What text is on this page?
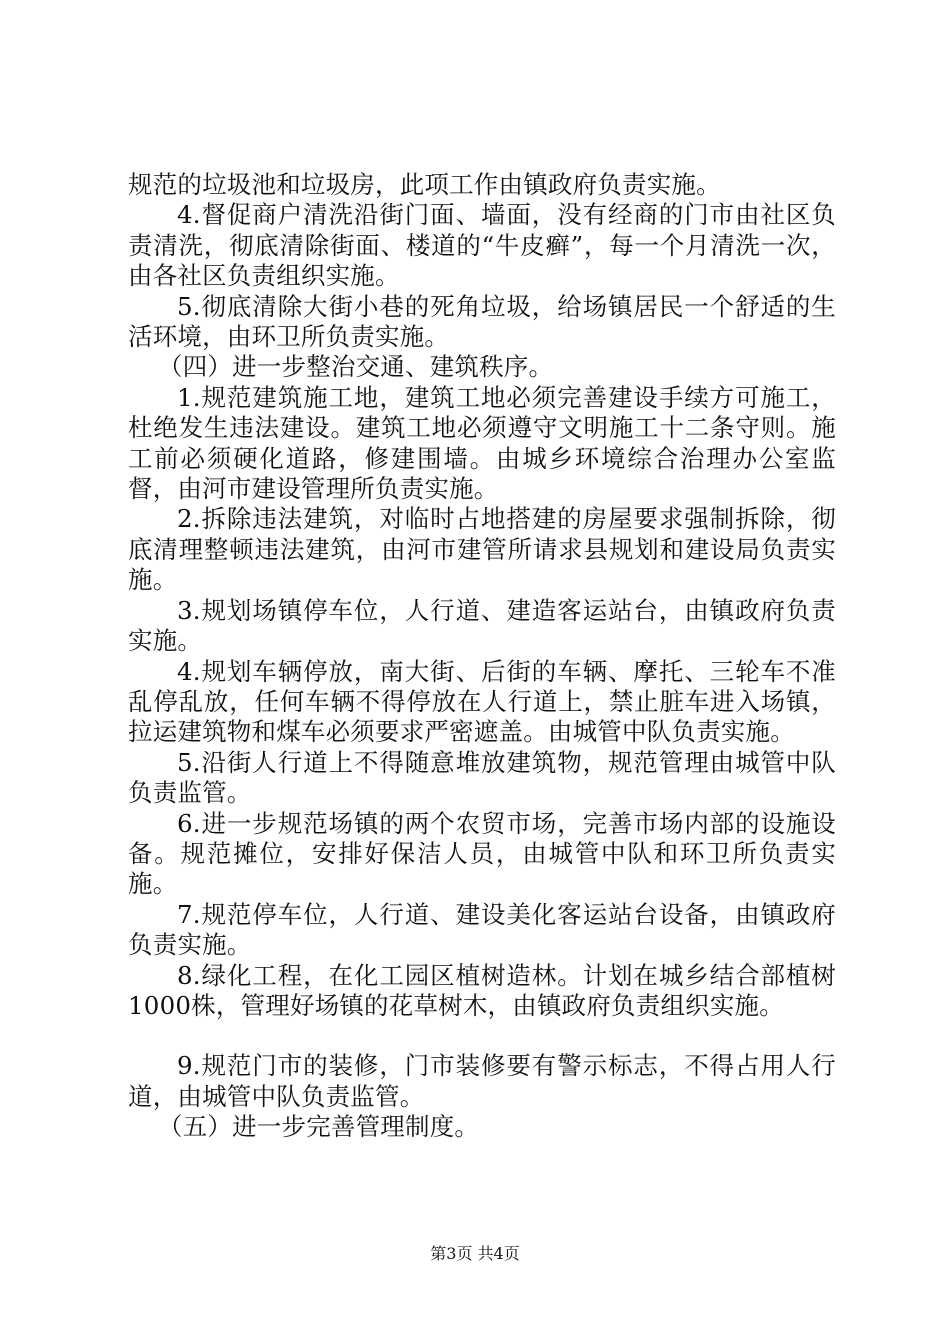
规范的垃圾池和垃圾房，此项工作由镇政府负责实施。

4.督促商户清洗沿街门面、墙面，没有经商的门市由社区负责清洗，彻底清除街面、楼道的“牛皮癣”，每一个月清洗一次，由各社区负责组织实施。

5.彻底清除大街小巷的死角垃圾，给场镇居民一个舒适的生活环境，由环卫所负责实施。

（四）进一步整治交通、建筑秩序。

1.规范建筑施工地，建筑工地必须完善建设手续方可施工，杜绝发生违法建设。建筑工地必须遵守文明施工十二条守则。施工前必须硬化道路，修建围墙。由城乡环境综合治理办公室监督，由河市建设管理所负责实施。

2.拆除违法建筑，对临时占地搭建的房屋要求强制拆除，彻底清理整顿违法建筑，由河市建管所请求县规划和建设局负责实施。

3.规划场镇停车位，人行道、建造客运站台，由镇政府负责实施。

4.规划车辆停放，南大街、后街的车辆、摩托、三轮车不准乱停乱放，任何车辆不得停放在人行道上，禁止脏车进入场镇，拉运建筑物和煤车必须要求严密遮盖。由城管中队负责实施。

5.沿街人行道上不得随意堆放建筑物，规范管理由城管中队负责监管。

6.进一步规范场镇的两个农贸市场，完善市场内部的设施设备。规范摊位，安排好保洁人员，由城管中队和环卫所负责实施。

7.规范停车位，人行道、建设美化客运站台设备，由镇政府负责实施。

8.绿化工程，在化工园区植树造林。计划在城乡结合部植树1000株，管理好场镇的花草树木，由镇政府负责组织实施。

9.规范门市的装修，门市装修要有警示标志，不得占用人行道，由城管中队负责监管。

（五）进一步完善管理制度。

第3页 共4页
